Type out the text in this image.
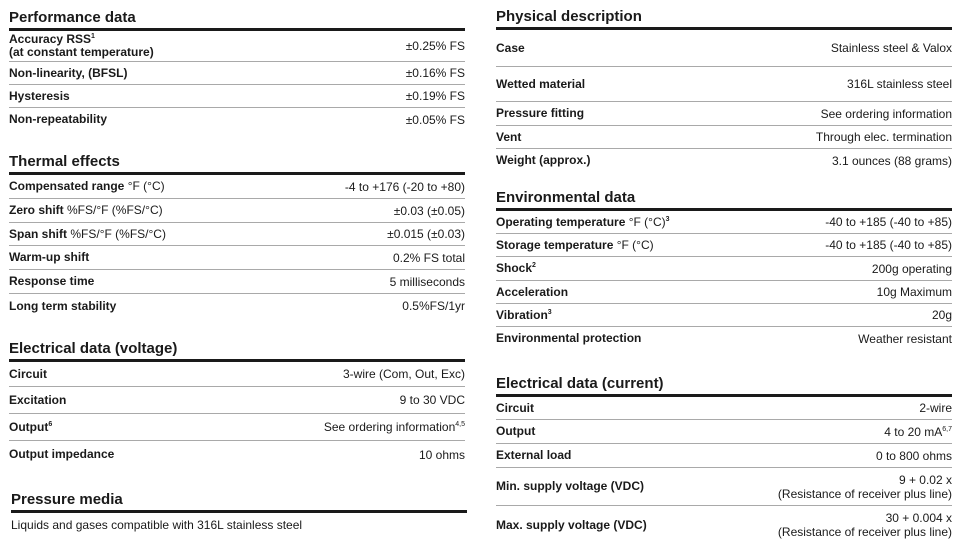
Performance data
Accuracy RSS$^1$
(at constant temperature)	±0.25% FS
Non-linearity, (BFSL)	±0.16% FS
Hysteresis	±0.19% FS
Non-repeatability	±0.05% FS
Thermal effects
Compensated range °F (°C)	-4 to +176 (-20 to +80)
Zero shift %FS/°F (%FS/°C)	±0.03 (±0.05)
Span shift %FS/°F (%FS/°C)	±0.015 (±0.03)
Warm-up shift	0.2% FS total
Response time	5 milliseconds
Long term stability	0.5%FS/1yr
Electrical data (voltage)
Circuit	3-wire (Com, Out, Exc)
Excitation	9 to 30 VDC
Output$^6$	See ordering information$^{4,5}$
Output impedance	10 ohms
Pressure media
Liquids and gases compatible with 316L stainless steel
Physical description
Case	Stainless steel & Valox
Wetted material	316L stainless steel
Pressure fitting	See ordering information
Vent	Through elec. termination
Weight (approx.)	3.1 ounces (88 grams)
Environmental data
Operating temperature °F $(^\circ C)^3$	-40 to +185 (-40 to +85)
Storage temperature °F (°C)	-40 to +185 (-40 to +85)
Shock$^2$	200g operating
Acceleration	10g Maximum
Vibration$^3$	20g
Environmental protection	Weather resistant
Electrical data (current)
Circuit	2-wire
Output	4 to 20 mA$^{6,7}$
External load	0 to 800 ohms
Min. supply voltage (VDC)	9 + 0.02 x
(Resistance of receiver plus line)
Max. supply voltage (VDC)	30 + 0.004 x
(Resistance of receiver plus line)
